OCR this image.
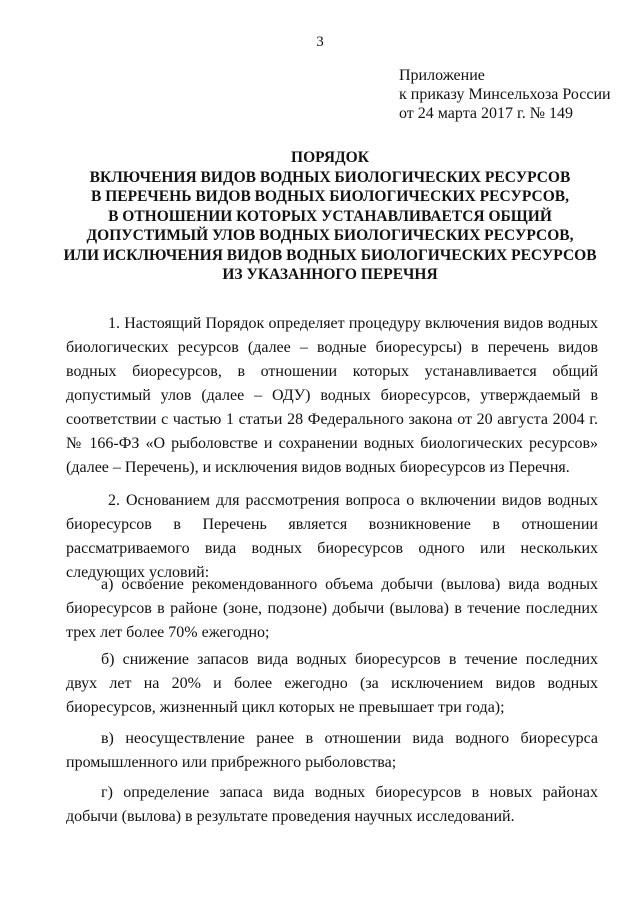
3
Приложение
к приказу Минсельхоза России
от 24 марта 2017 г. № 149
ПОРЯДОК
ВКЛЮЧЕНИЯ ВИДОВ ВОДНЫХ БИОЛОГИЧЕСКИХ РЕСУРСОВ
В ПЕРЕЧЕНЬ ВИДОВ ВОДНЫХ БИОЛОГИЧЕСКИХ РЕСУРСОВ,
В ОТНОШЕНИИ КОТОРЫХ УСТАНАВЛИВАЕТСЯ ОБЩИЙ
ДОПУСТИМЫЙ УЛОВ ВОДНЫХ БИОЛОГИЧЕСКИХ РЕСУРСОВ,
ИЛИ ИСКЛЮЧЕНИЯ ВИДОВ ВОДНЫХ БИОЛОГИЧЕСКИХ РЕСУРСОВ
ИЗ УКАЗАННОГО ПЕРЕЧНЯ

1. Настоящий Порядок определяет процедуру включения видов водных биологических ресурсов (далее – водные биоресурсы) в перечень видов водных биоресурсов, в отношении которых устанавливается общий допустимый улов (далее – ОДУ) водных биоресурсов, утверждаемый в соответствии с частью 1 статьи 28 Федерального закона от 20 августа 2004 г. № 166-ФЗ «О рыболовстве и сохранении водных биологических ресурсов» (далее – Перечень), и исключения видов водных биоресурсов из Перечня.

2. Основанием для рассмотрения вопроса о включении видов водных биоресурсов в Перечень является возникновение в отношении рассматриваемого вида водных биоресурсов одного или нескольких следующих условий:

а) освоение рекомендованного объема добычи (вылова) вида водных биоресурсов в районе (зоне, подзоне) добычи (вылова) в течение последних трех лет более 70% ежегодно;

б) снижение запасов вида водных биоресурсов в течение последних двух лет на 20% и более ежегодно (за исключением видов водных биоресурсов, жизненный цикл которых не превышает три года);

в) неосуществление ранее в отношении вида водного биоресурса промышленного или прибрежного рыболовства;

г) определение запаса вида водных биоресурсов в новых районах добычи (вылова) в результате проведения научных исследований.
